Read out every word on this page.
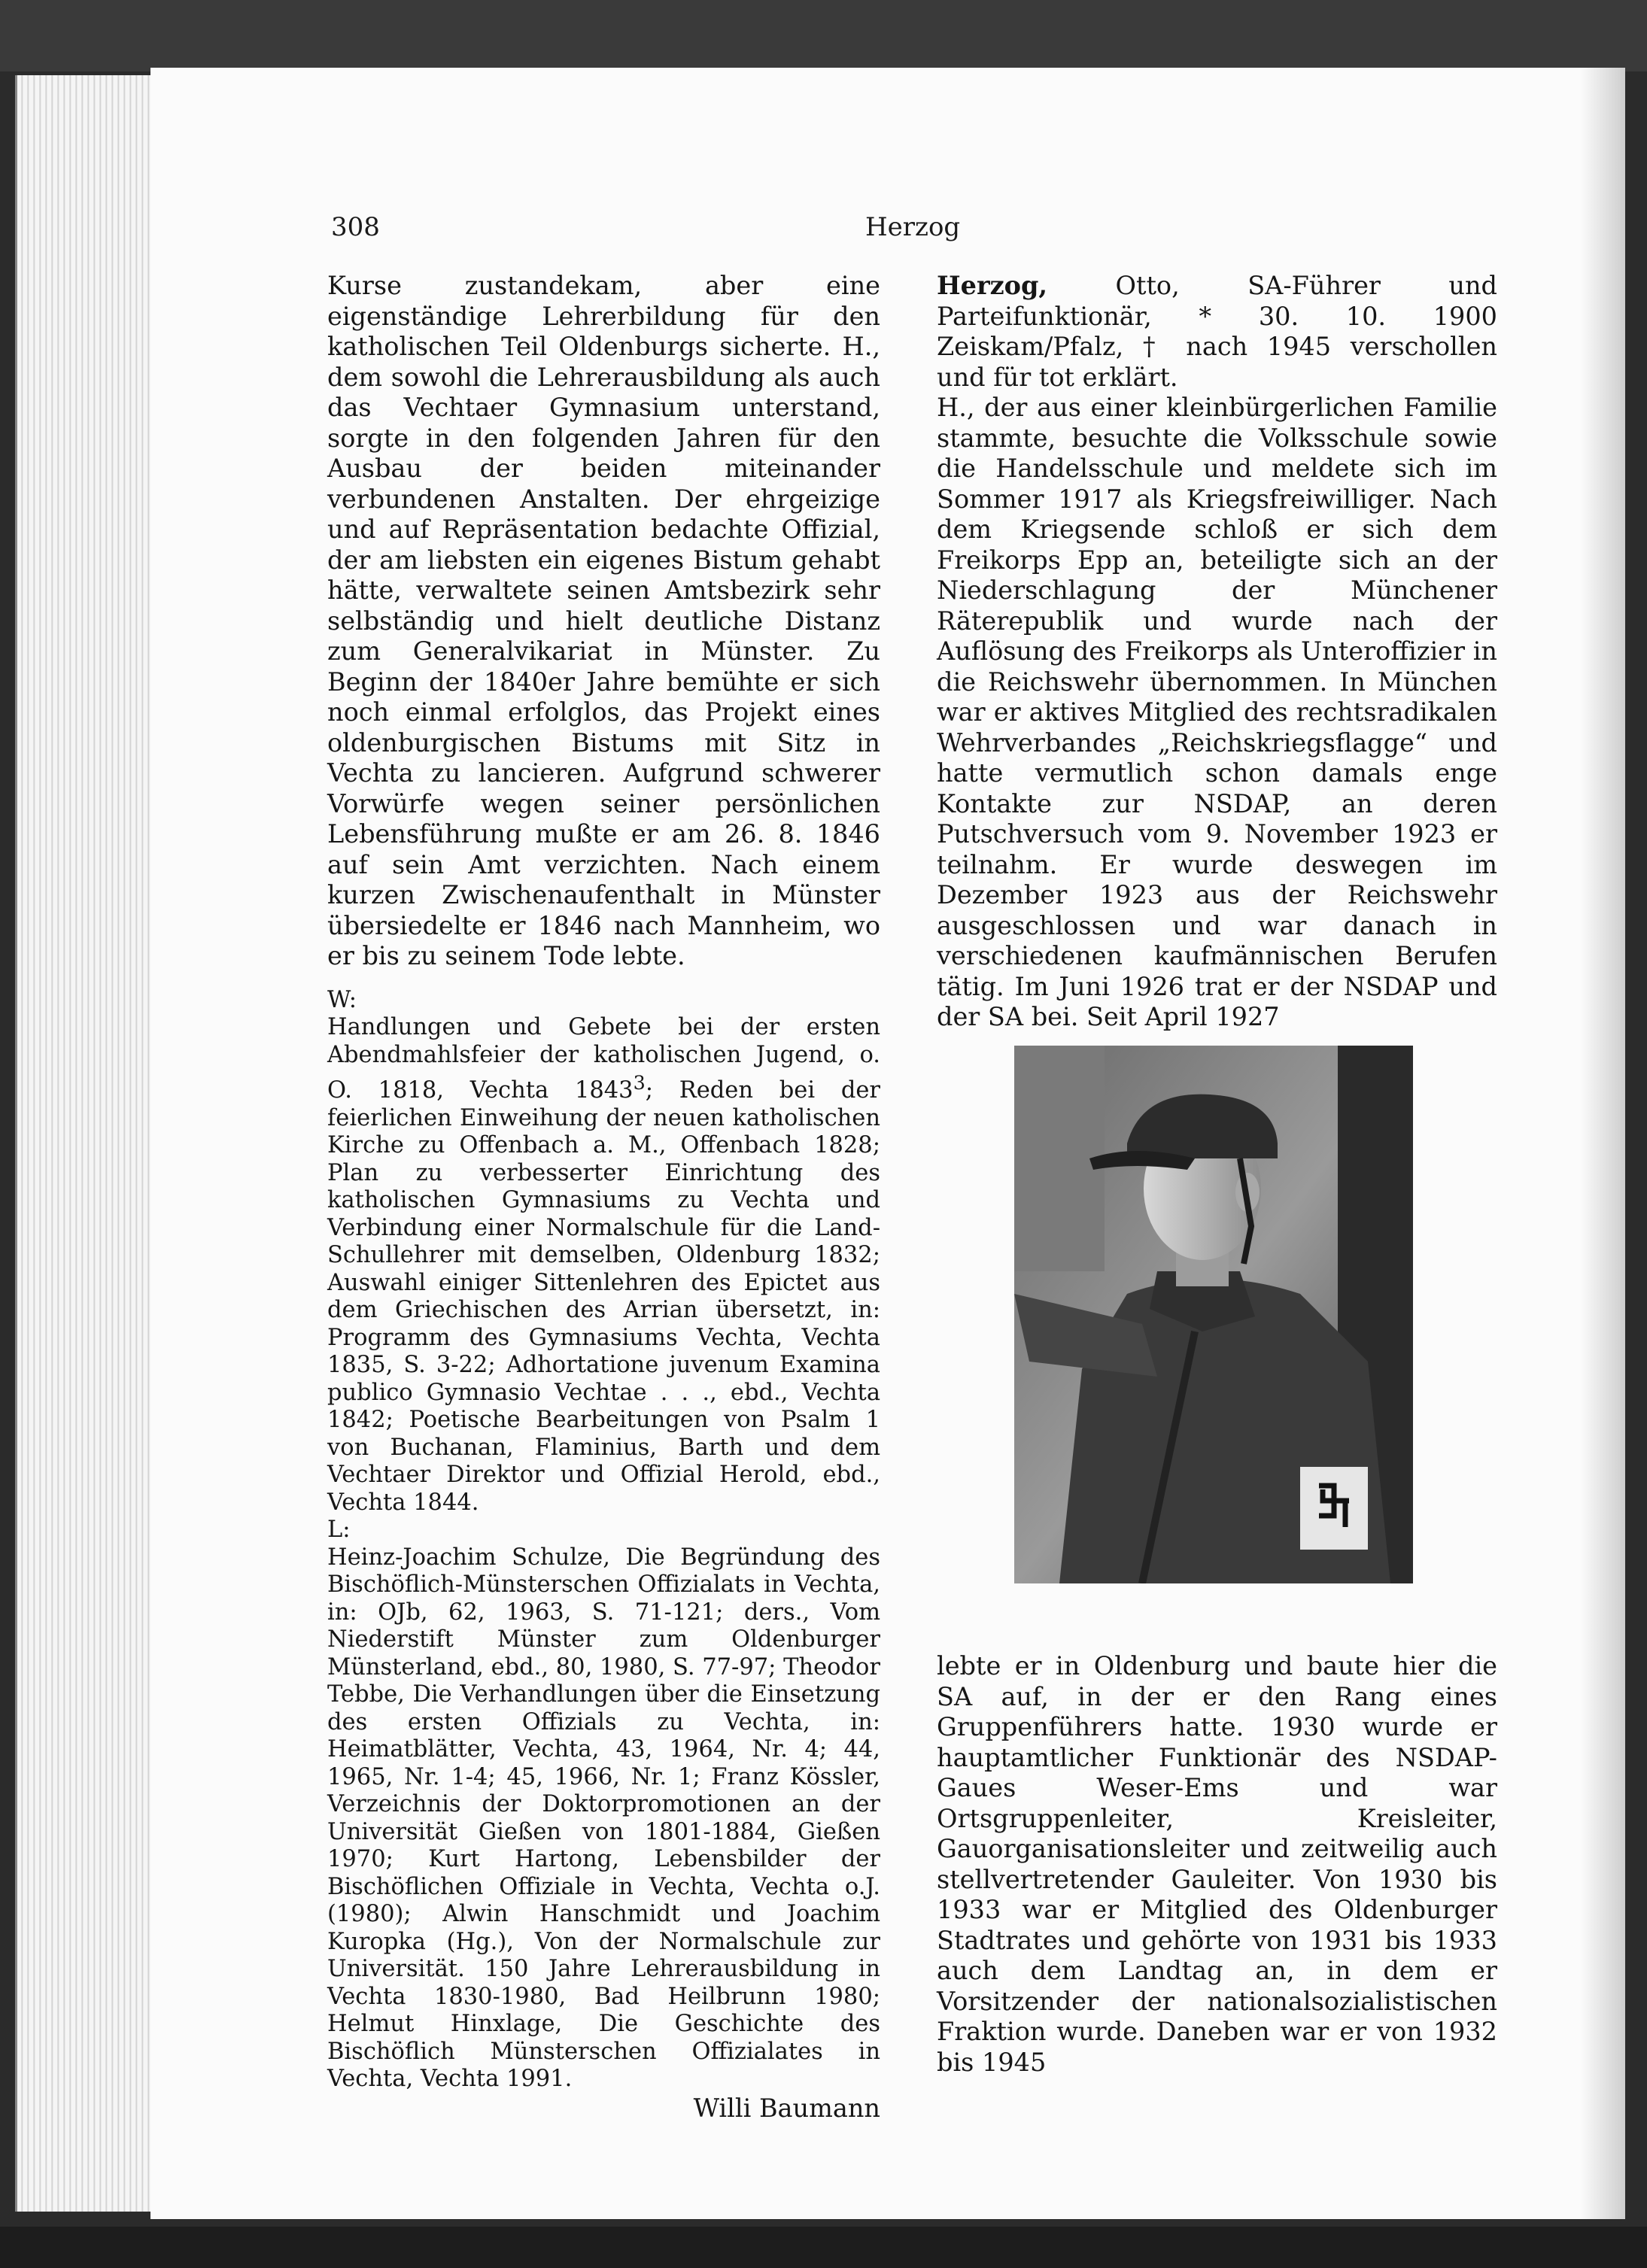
308	Herzog

Kurse zustandekam, aber eine eigenständige Lehrerbildung für den katholischen Teil Oldenburgs sicherte. H., dem sowohl die Lehrerausbildung als auch das Vechtaer Gymnasium unterstand, sorgte in den folgenden Jahren für den Ausbau der beiden miteinander verbundenen Anstalten. Der ehrgeizige und auf Repräsentation bedachte Offizial, der am liebsten ein eigenes Bistum gehabt hätte, verwaltete seinen Amtsbezirk sehr selbständig und hielt deutliche Distanz zum Generalvikariat in Münster. Zu Beginn der 1840er Jahre bemühte er sich noch einmal erfolglos, das Projekt eines oldenburgischen Bistums mit Sitz in Vechta zu lancieren. Aufgrund schwerer Vorwürfe wegen seiner persönlichen Lebensführung mußte er am 26. 8. 1846 auf sein Amt verzichten. Nach einem kurzen Zwischenaufenthalt in Münster übersiedelte er 1846 nach Mannheim, wo er bis zu seinem Tode lebte.

W:

Handlungen und Gebete bei der ersten Abendmahlsfeier der katholischen Jugend, o. O. 1818, Vechta 1843$^3$; Reden bei der feierlichen Einweihung der neuen katholischen Kirche zu Offenbach a. M., Offenbach 1828; Plan zu verbesserter Einrichtung des katholischen Gymnasiums zu Vechta und Verbindung einer Normalschule für die Land-Schullehrer mit demselben, Oldenburg 1832; Auswahl einiger Sittenlehren des Epictet aus dem Griechischen des Arrian übersetzt, in: Programm des Gymnasiums Vechta, Vechta 1835, S. 3-22; Adhortatione juvenum Examina publico Gymnasio Vechtae . . ., ebd., Vechta 1842; Poetische Bearbeitungen von Psalm 1 von Buchanan, Flaminius, Barth und dem Vechtaer Direktor und Offizial Herold, ebd., Vechta 1844.

L:

Heinz-Joachim Schulze, Die Begründung des Bischöflich-Münsterschen Offizialats in Vechta, in: OJb, 62, 1963, S. 71-121; ders., Vom Niederstift Münster zum Oldenburger Münsterland, ebd., 80, 1980, S. 77-97; Theodor Tebbe, Die Verhandlungen über die Einsetzung des ersten Offizials zu Vechta, in: Heimatblätter, Vechta, 43, 1964, Nr. 4; 44, 1965, Nr. 1-4; 45, 1966, Nr. 1; Franz Kössler, Verzeichnis der Doktorpromotionen an der Universität Gießen von 1801-1884, Gießen 1970; Kurt Hartong, Lebensbilder der Bischöflichen Offiziale in Vechta, Vechta o.J. (1980); Alwin Hanschmidt und Joachim Kuropka (Hg.), Von der Normalschule zur Universität. 150 Jahre Lehrerausbildung in Vechta 1830-1980, Bad Heilbrunn 1980; Helmut Hinxlage, Die Geschichte des Bischöflich Münsterschen Offizialates in Vechta, Vechta 1991.

Willi Baumann

Herzog, Otto, SA-Führer und Parteifunktionär, * 30. 10. 1900 Zeiskam/Pfalz, † nach 1945 verschollen und für tot erklärt.

H., der aus einer kleinbürgerlichen Familie stammte, besuchte die Volksschule sowie die Handelsschule und meldete sich im Sommer 1917 als Kriegsfreiwilliger. Nach dem Kriegsende schloß er sich dem Freikorps Epp an, beteiligte sich an der Niederschlagung der Münchener Räterepublik und wurde nach der Auflösung des Freikorps als Unteroffizier in die Reichswehr übernommen. In München war er aktives Mitglied des rechtsradikalen Wehrverbandes „Reichskriegsflagge“ und hatte vermutlich schon damals enge Kontakte zur NSDAP, an deren Putschversuch vom 9. November 1923 er teilnahm. Er wurde deswegen im Dezember 1923 aus der Reichswehr ausgeschlossen und war danach in verschiedenen kaufmännischen Berufen tätig. Im Juni 1926 trat er der NSDAP und der SA bei. Seit April 1927

lebte er in Oldenburg und baute hier die SA auf, in der er den Rang eines Gruppenführers hatte. 1930 wurde er hauptamtlicher Funktionär des NSDAP-Gaues Weser-Ems und war Ortsgruppenleiter, Kreisleiter, Gauorganisationsleiter und zeitweilig auch stellvertretender Gauleiter. Von 1930 bis 1933 war er Mitglied des Oldenburger Stadtrates und gehörte von 1931 bis 1933 auch dem Landtag an, in dem er Vorsitzender der nationalsozialistischen Fraktion wurde. Daneben war er von 1932 bis 1945
